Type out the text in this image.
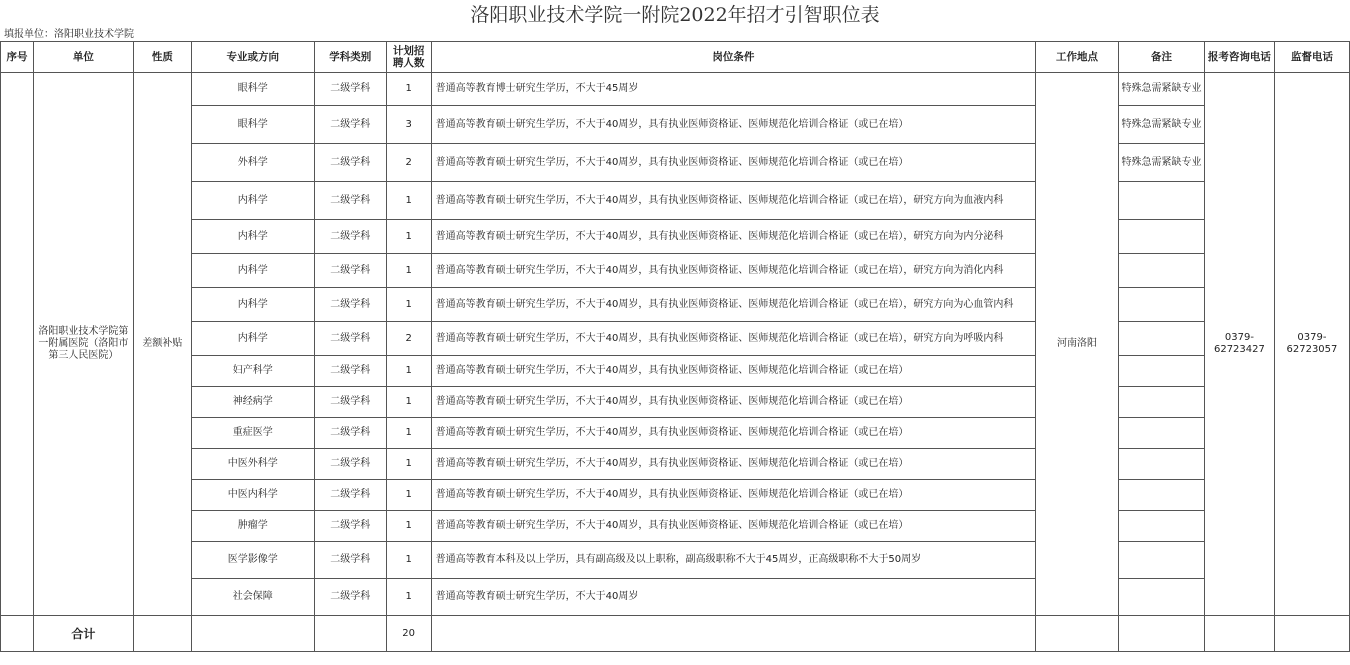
洛阳职业技术学院一附院2022年招才引智职位表
填报单位：洛阳职业技术学院
序号	单位	性质	专业或方向	学科类别	计划招聘人数	岗位条件	工作地点	备注	报考咨询电话	监督电话
	洛阳职业技术学院第一附属医院（洛阳市第三人民医院）	差额补贴	眼科学	二级学科	1	普通高等教育博士研究生学历，不大于45周岁	河南洛阳	特殊急需紧缺专业	0379-62723427	0379-62723057
			眼科学	二级学科	3	普通高等教育硕士研究生学历，不大于40周岁，具有执业医师资格证、医师规范化培训合格证（或已在培）		特殊急需紧缺专业		
			外科学	二级学科	2	普通高等教育硕士研究生学历，不大于40周岁，具有执业医师资格证、医师规范化培训合格证（或已在培）		特殊急需紧缺专业		
			内科学	二级学科	1	普通高等教育硕士研究生学历，不大于40周岁，具有执业医师资格证、医师规范化培训合格证（或已在培），研究方向为血液内科				
			内科学	二级学科	1	普通高等教育硕士研究生学历，不大于40周岁，具有执业医师资格证、医师规范化培训合格证（或已在培），研究方向为内分泌科				
			内科学	二级学科	1	普通高等教育硕士研究生学历，不大于40周岁，具有执业医师资格证、医师规范化培训合格证（或已在培），研究方向为消化内科				
			内科学	二级学科	1	普通高等教育硕士研究生学历，不大于40周岁，具有执业医师资格证、医师规范化培训合格证（或已在培），研究方向为心血管内科				
			内科学	二级学科	2	普通高等教育硕士研究生学历，不大于40周岁，具有执业医师资格证、医师规范化培训合格证（或已在培），研究方向为呼吸内科				
			妇产科学	二级学科	1	普通高等教育硕士研究生学历，不大于40周岁，具有执业医师资格证、医师规范化培训合格证（或已在培）				
			神经病学	二级学科	1	普通高等教育硕士研究生学历，不大于40周岁，具有执业医师资格证、医师规范化培训合格证（或已在培）				
			重症医学	二级学科	1	普通高等教育硕士研究生学历，不大于40周岁，具有执业医师资格证、医师规范化培训合格证（或已在培）				
			中医外科学	二级学科	1	普通高等教育硕士研究生学历，不大于40周岁，具有执业医师资格证、医师规范化培训合格证（或已在培）				
			中医内科学	二级学科	1	普通高等教育硕士研究生学历，不大于40周岁，具有执业医师资格证、医师规范化培训合格证（或已在培）				
			肿瘤学	二级学科	1	普通高等教育硕士研究生学历，不大于40周岁，具有执业医师资格证、医师规范化培训合格证（或已在培）				
			医学影像学	二级学科	1	普通高等教育本科及以上学历，具有副高级及以上职称，副高级职称不大于45周岁，正高级职称不大于50周岁				
			社会保障	二级学科	1	普通高等教育硕士研究生学历，不大于40周岁				
	合计				20					
